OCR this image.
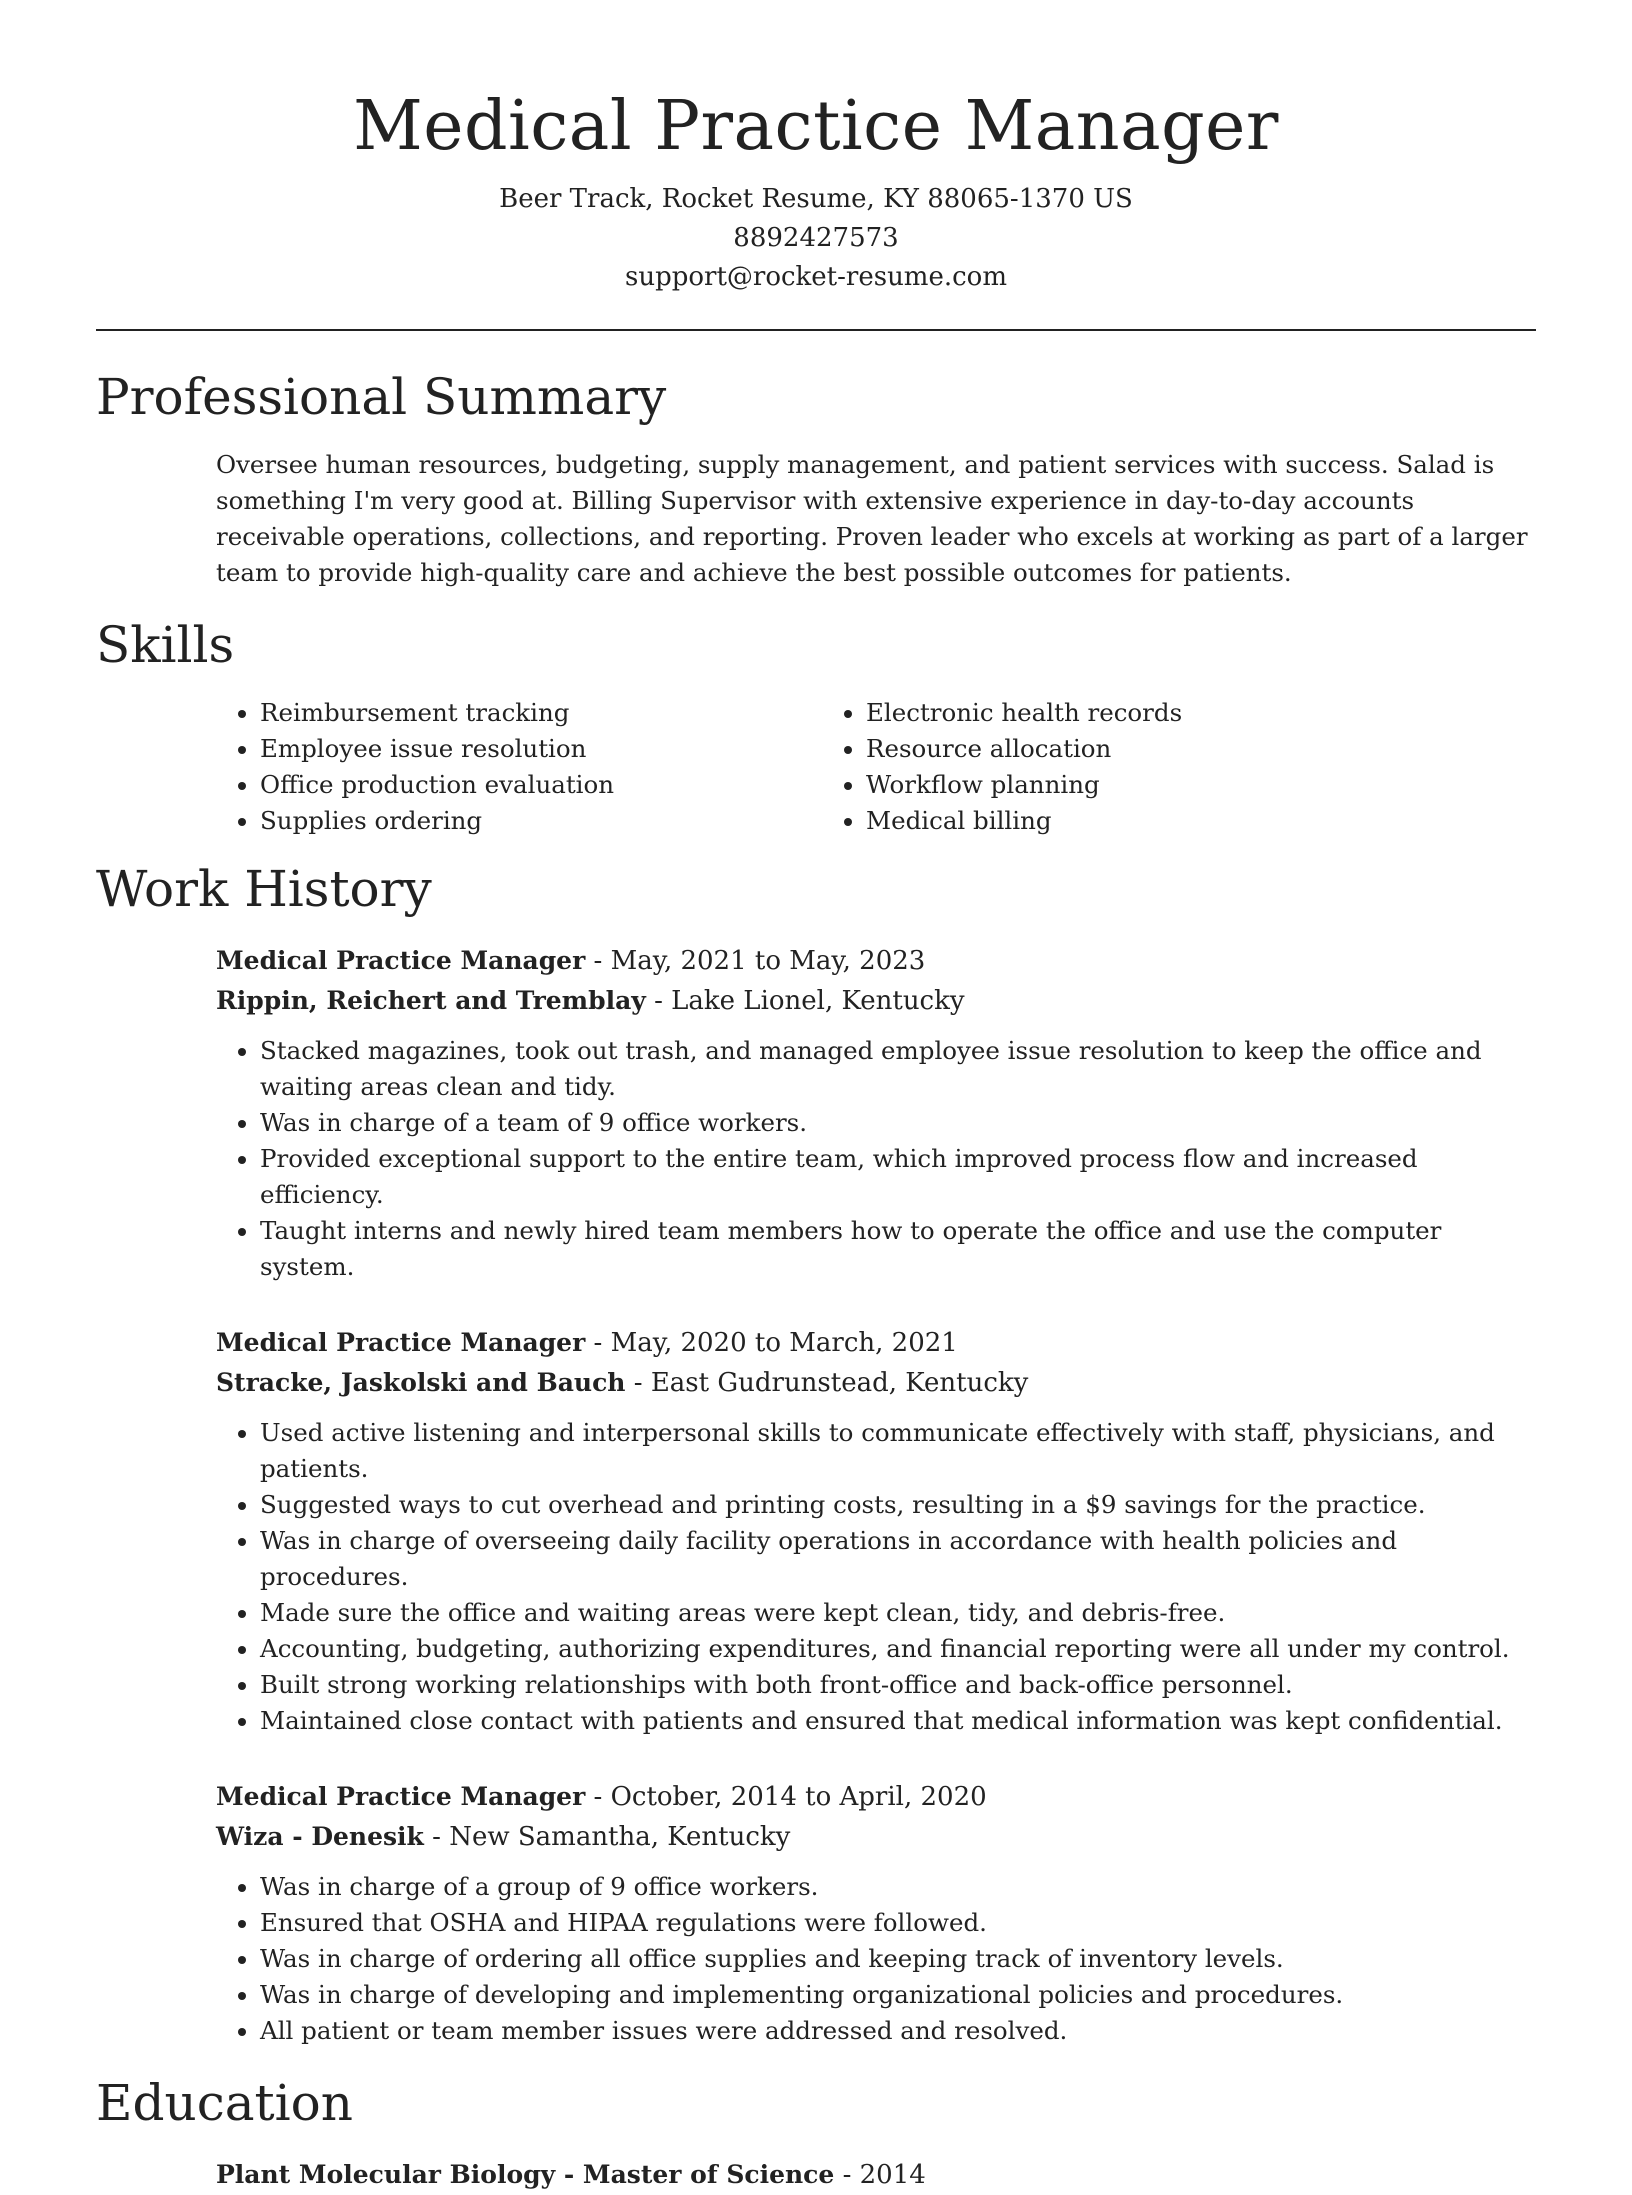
Medical Practice Manager

Beer Track, Rocket Resume, KY 88065-1370 US

8892427573

support@rocket-resume.com

Professional Summary

Oversee human resources, budgeting, supply management, and patient services with success. Salad is something I'm very good at. Billing Supervisor with extensive experience in day-to-day accounts receivable operations, collections, and reporting. Proven leader who excels at working as part of a larger team to provide high-quality care and achieve the best possible outcomes for patients.

Skills
• Reimbursement tracking
• Employee issue resolution
• Office production evaluation
• Supplies ordering
• Electronic health records
• Resource allocation
• Workflow planning
• Medical billing
Work History

Medical Practice Manager - May, 2021 to May, 2023

Rippin, Reichert and Tremblay - Lake Lionel, Kentucky

• Stacked magazines, took out trash, and managed employee issue resolution to keep the office and waiting areas clean and tidy.
• Was in charge of a team of 9 office workers.
• Provided exceptional support to the entire team, which improved process flow and increased efficiency.
• Taught interns and newly hired team members how to operate the office and use the computer system.

Medical Practice Manager - May, 2020 to March, 2021

Stracke, Jaskolski and Bauch - East Gudrunstead, Kentucky

• Used active listening and interpersonal skills to communicate effectively with staff, physicians, and patients.
• Suggested ways to cut overhead and printing costs, resulting in a $9 savings for the practice.
• Was in charge of overseeing daily facility operations in accordance with health policies and procedures.
• Made sure the office and waiting areas were kept clean, tidy, and debris-free.
• Accounting, budgeting, authorizing expenditures, and financial reporting were all under my control.
• Built strong working relationships with both front-office and back-office personnel.
• Maintained close contact with patients and ensured that medical information was kept confidential.

Medical Practice Manager - October, 2014 to April, 2020

Wiza - Denesik - New Samantha, Kentucky

• Was in charge of a group of 9 office workers.
• Ensured that OSHA and HIPAA regulations were followed.
• Was in charge of ordering all office supplies and keeping track of inventory levels.
• Was in charge of developing and implementing organizational policies and procedures.
• All patient or team member issues were addressed and resolved.
Education

Plant Molecular Biology - Master of Science - 2014
